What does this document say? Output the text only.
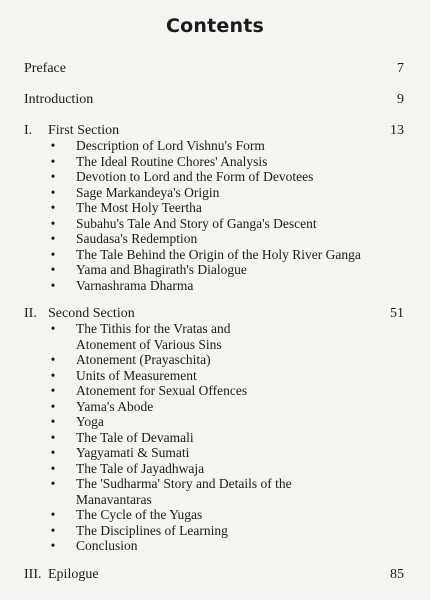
Contents
Preface	7
Introduction	9
I. First Section	13
• Description of Lord Vishnu's Form
• The Ideal Routine Chores' Analysis
• Devotion to Lord and the Form of Devotees
• Sage Markandeya's Origin
• The Most Holy Teertha
• Subahu's Tale And Story of Ganga's Descent
• Saudasa's Redemption
• The Tale Behind the Origin of the Holy River Ganga
• Yama and Bhagirath's Dialogue
• Varnashrama Dharma
II. Second Section	51
• The Tithis for the Vratas and
Atonement of Various Sins
• Atonement (Prayaschita)
• Units of Measurement
• Atonement for Sexual Offences
• Yama's Abode
• Yoga
• The Tale of Devamali
• Yagyamati & Sumati
• The Tale of Jayadhwaja
• The 'Sudharma' Story and Details of the
Manavantaras
• The Cycle of the Yugas
• The Disciplines of Learning
• Conclusion
III. Epilogue	85
